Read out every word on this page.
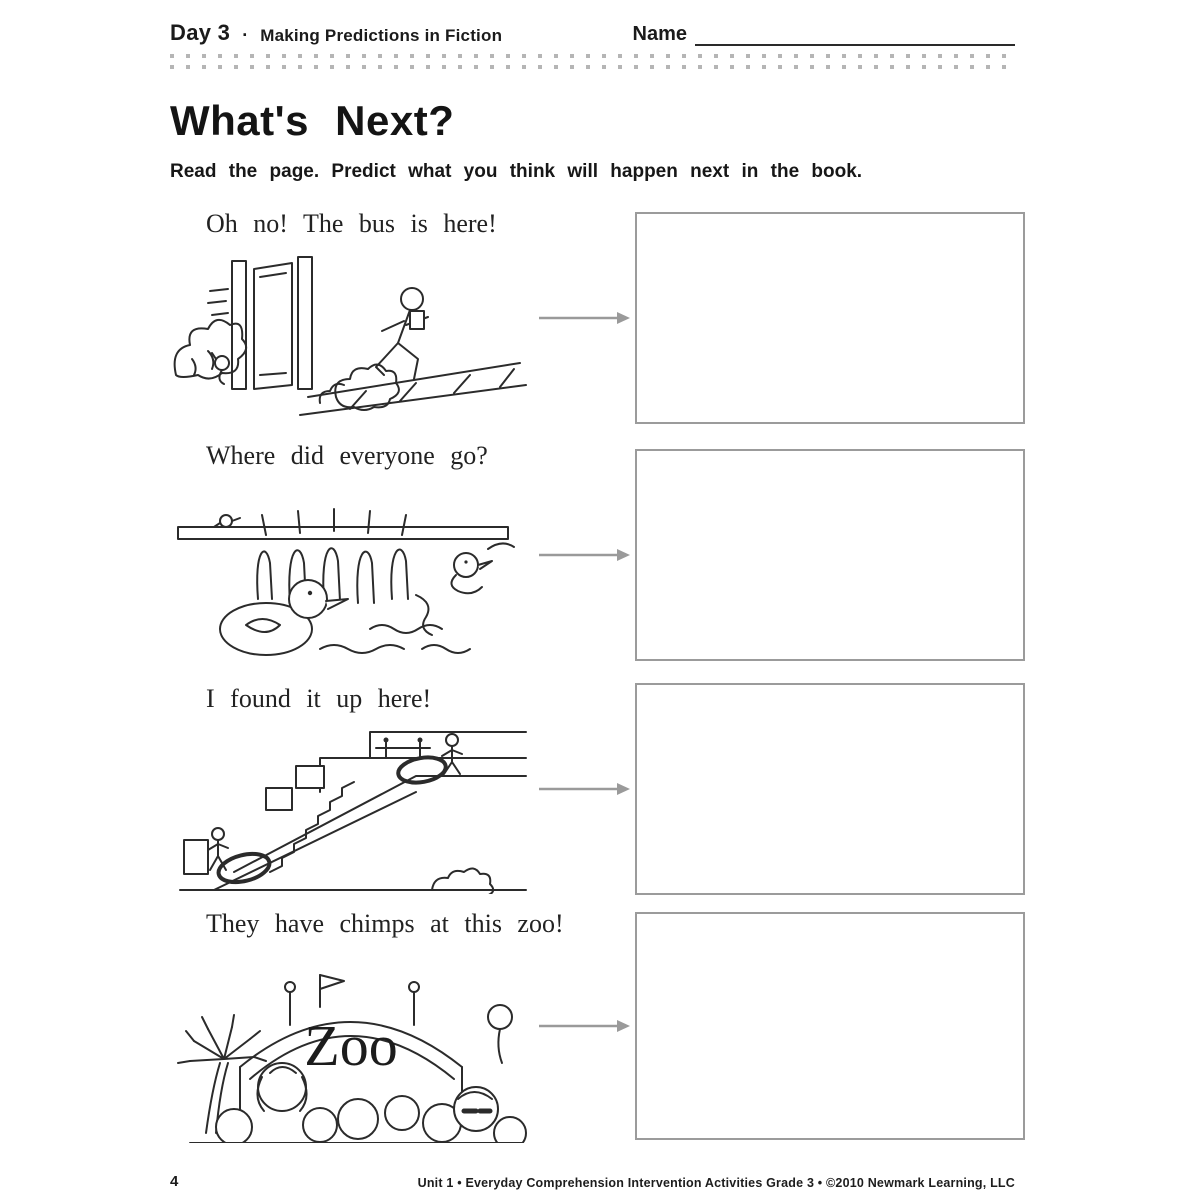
Day 3 · Making Predictions in Fiction	Name
What's Next?
Read the page. Predict what you think will happen next in the book.
Oh no! The bus is here!
Where did everyone go?
I found it up here!
They have chimps at this zoo!
Zoo
4	Unit 1 • Everyday Comprehension Intervention Activities Grade 3 • ©2010 Newmark Learning, LLC
